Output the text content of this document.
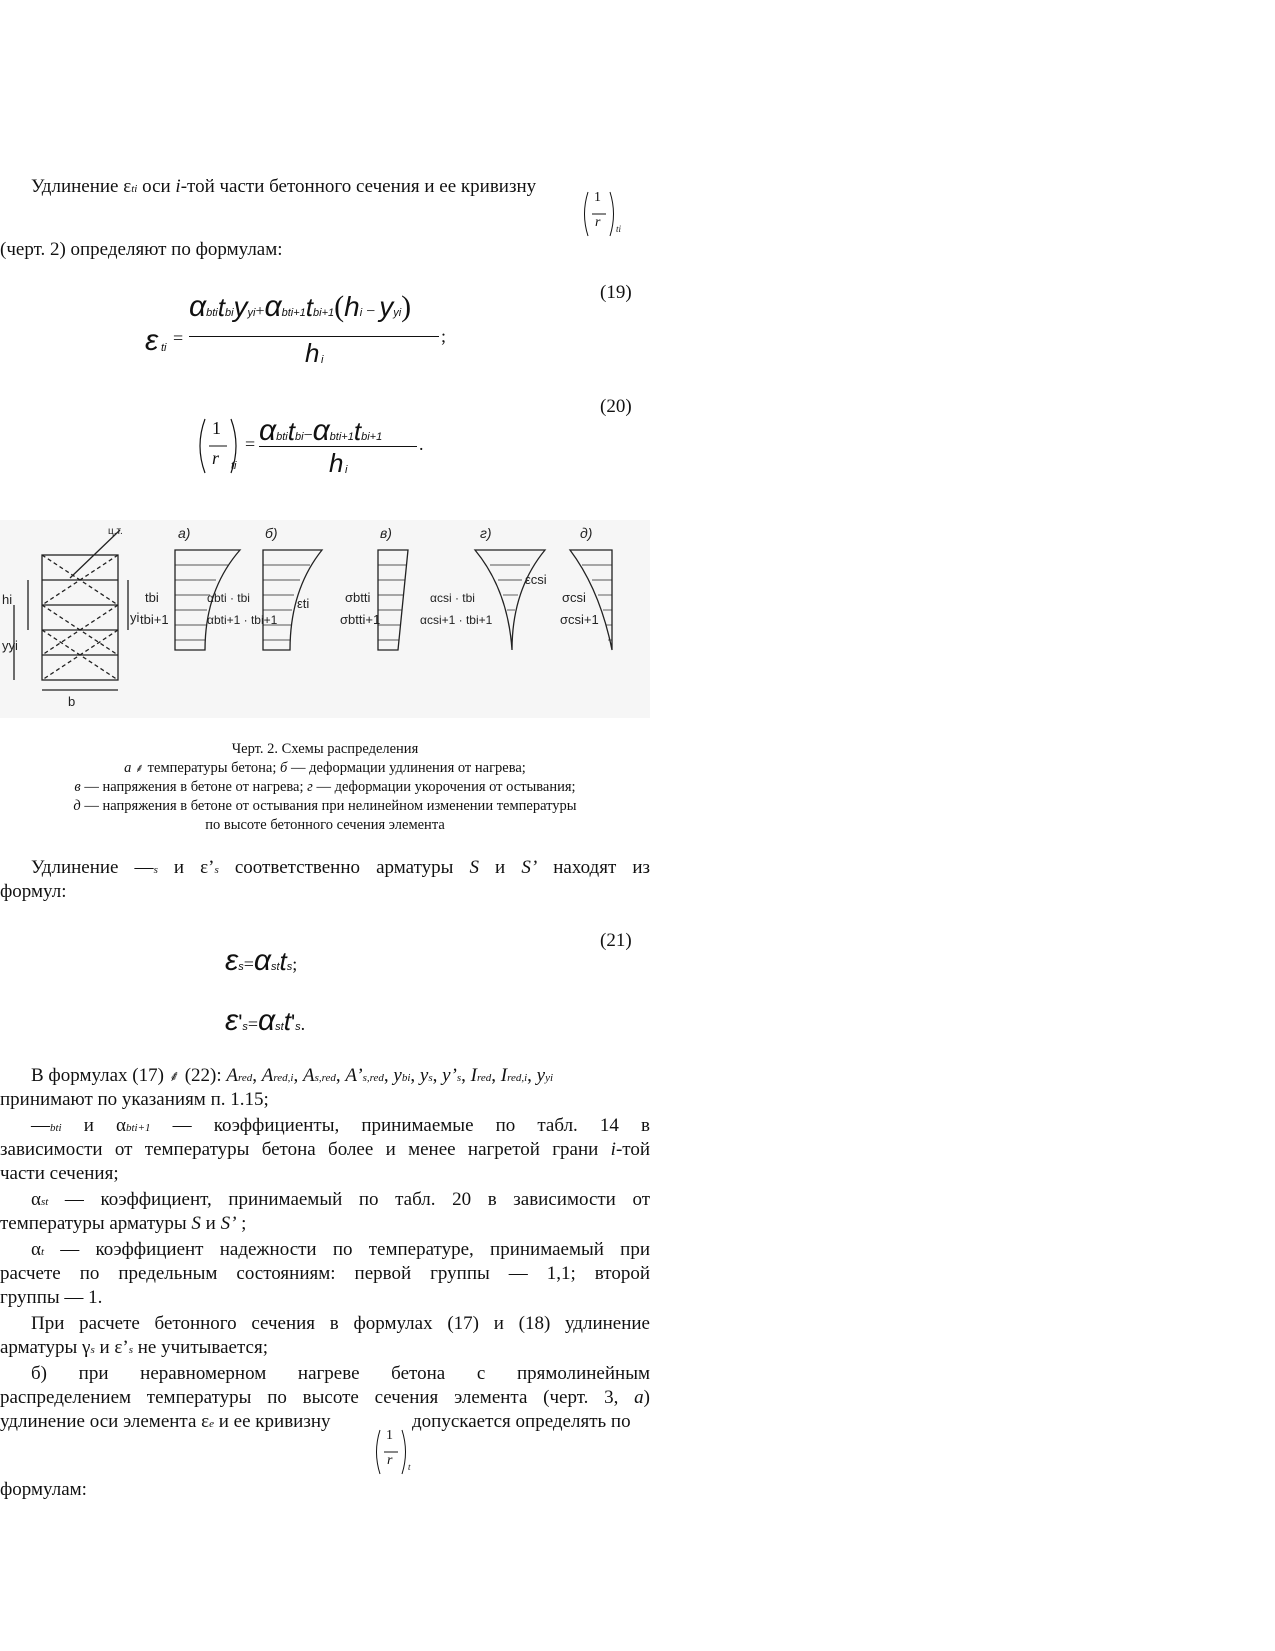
Удлинение εti оси i-той части бетонного сечения и ее кривизну
1
r ti
(черт. 2) определяют по формулам:
(19)
ε ti =
αbtitbiyyi+αbti+1tbi+1(hi − yyi)
;
h i
(20)
1
r ti
= αbtitbi−αbti+1tbi+1	.
h i
а)	б)	в)	г)	д)
ц.т.
b
hi
yyi
yi
tbi
tbi+1
αbti · tbi
αbti+1 · tbi+1
εti	σbtti
σbtti+1
αcsi · tbi
αcsi+1 · tbi+1
εcsi
σcsi
σcsi+1
Черт. 2. Схемы распределения
а ⸙ температуры бетона; б — деформации удлинения от нагрева;
в — напряжения в бетоне от нагрева; г — деформации укорочения от остывания;
д — напряжения в бетоне от остывания при нелинейном изменении температуры
по высоте бетонного сечения элемента
Удлинение —s и ε’s соответственно арматуры S и S’ находят из
формул:
(21)
εs=αstts;
ε's=αstt's.
В формулах (17) ⸙ (22): Ared, Ared,i, As,red, A’s,red, ybi, ys, y’s, Ired, Ired,i, yyi
принимают по указаниям п. 1.15;
—bti и αbti+1 — коэффициенты, принимаемые по табл. 14 в
зависимости от температуры бетона более и менее нагретой грани i-той
части сечения;
αst — коэффициент, принимаемый по табл. 20 в зависимости от
температуры арматуры S и S’ ;
αt — коэффициент надежности по температуре, принимаемый при
расчете по предельным состояниям: первой группы — 1,1; второй
группы — 1.
При расчете бетонного сечения в формулах (17) и (18) удлинение
арматуры γs и ε’s не учитывается;
б) при неравномерном нагреве бетона с прямолинейным
распределением температуры по высоте сечения элемента (черт. 3, а)
удлинение оси элемента εe и ее кривизну	допускается определять по
1
r t
формулам:
